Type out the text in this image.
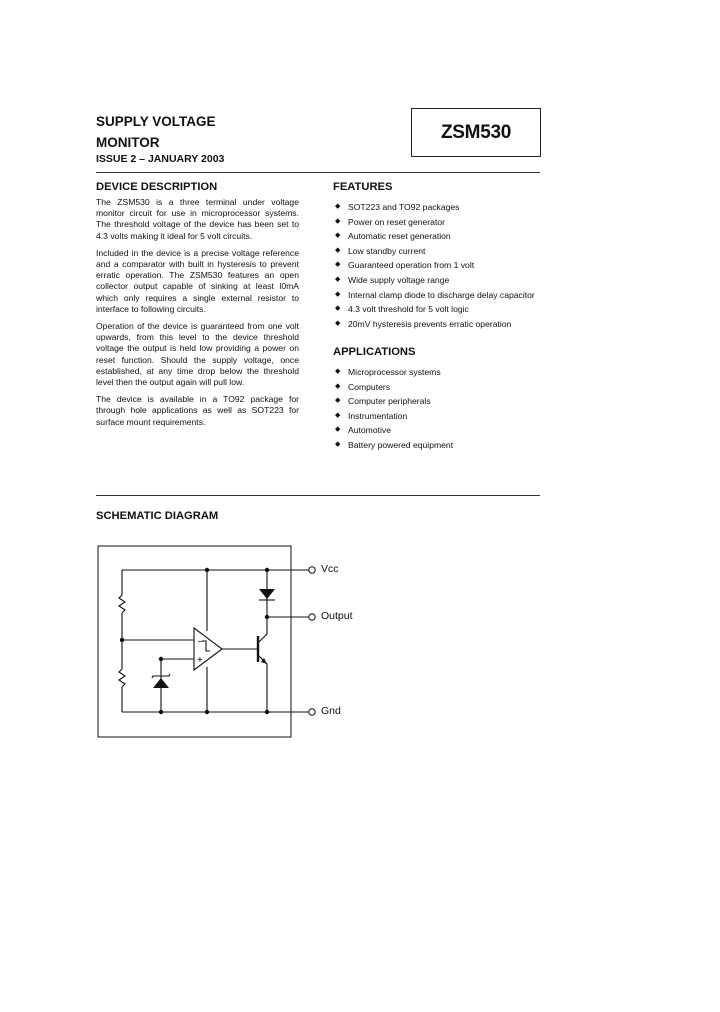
SUPPLY VOLTAGE
MONITOR
ISSUE 2 – JANUARY 2003
ZSM530
DEVICE DESCRIPTION

The ZSM530 is a three terminal under voltage monitor circuit for use in microprocessor systems. The threshold voltage of the device has been set to 4.3 volts making it ideal for 5 volt circuits.

Included in the device is a precise voltage reference and a comparator with built in hysteresis to prevent erratic operation. The ZSM530 features an open collector output capable of sinking at least l0mA which only requires a single external resistor to interface to following circuits.

Operation of the device is guaranteed from one volt upwards, from this level to the device threshold voltage the output is held low providing a power on reset function. Should the supply voltage, once established, at any time drop below the threshold level then the output again will pull low.

The device is available in a TO92 package for through hole applications as well as SOT223 for surface mount requirements.

FEATURES
◆ SOT223 and TO92 packages
◆ Power on reset generator
◆ Automatic reset generation
◆ Low standby current
◆ Guaranteed operation from 1 volt
◆ Wide supply voltage range
◆ Internal clamp diode to discharge delay capacitor
◆ 4.3 volt threshold for 5 volt logic
◆ 20mV hysteresis prevents erratic operation
APPLICATIONS
◆ Microprocessor systems
◆ Computers
◆ Computer peripherals
◆ Instrumentation
◆ Automotive
◆ Battery powered equipment
SCHEMATIC DIAGRAM
–
+
Vcc
Output
Gnd
